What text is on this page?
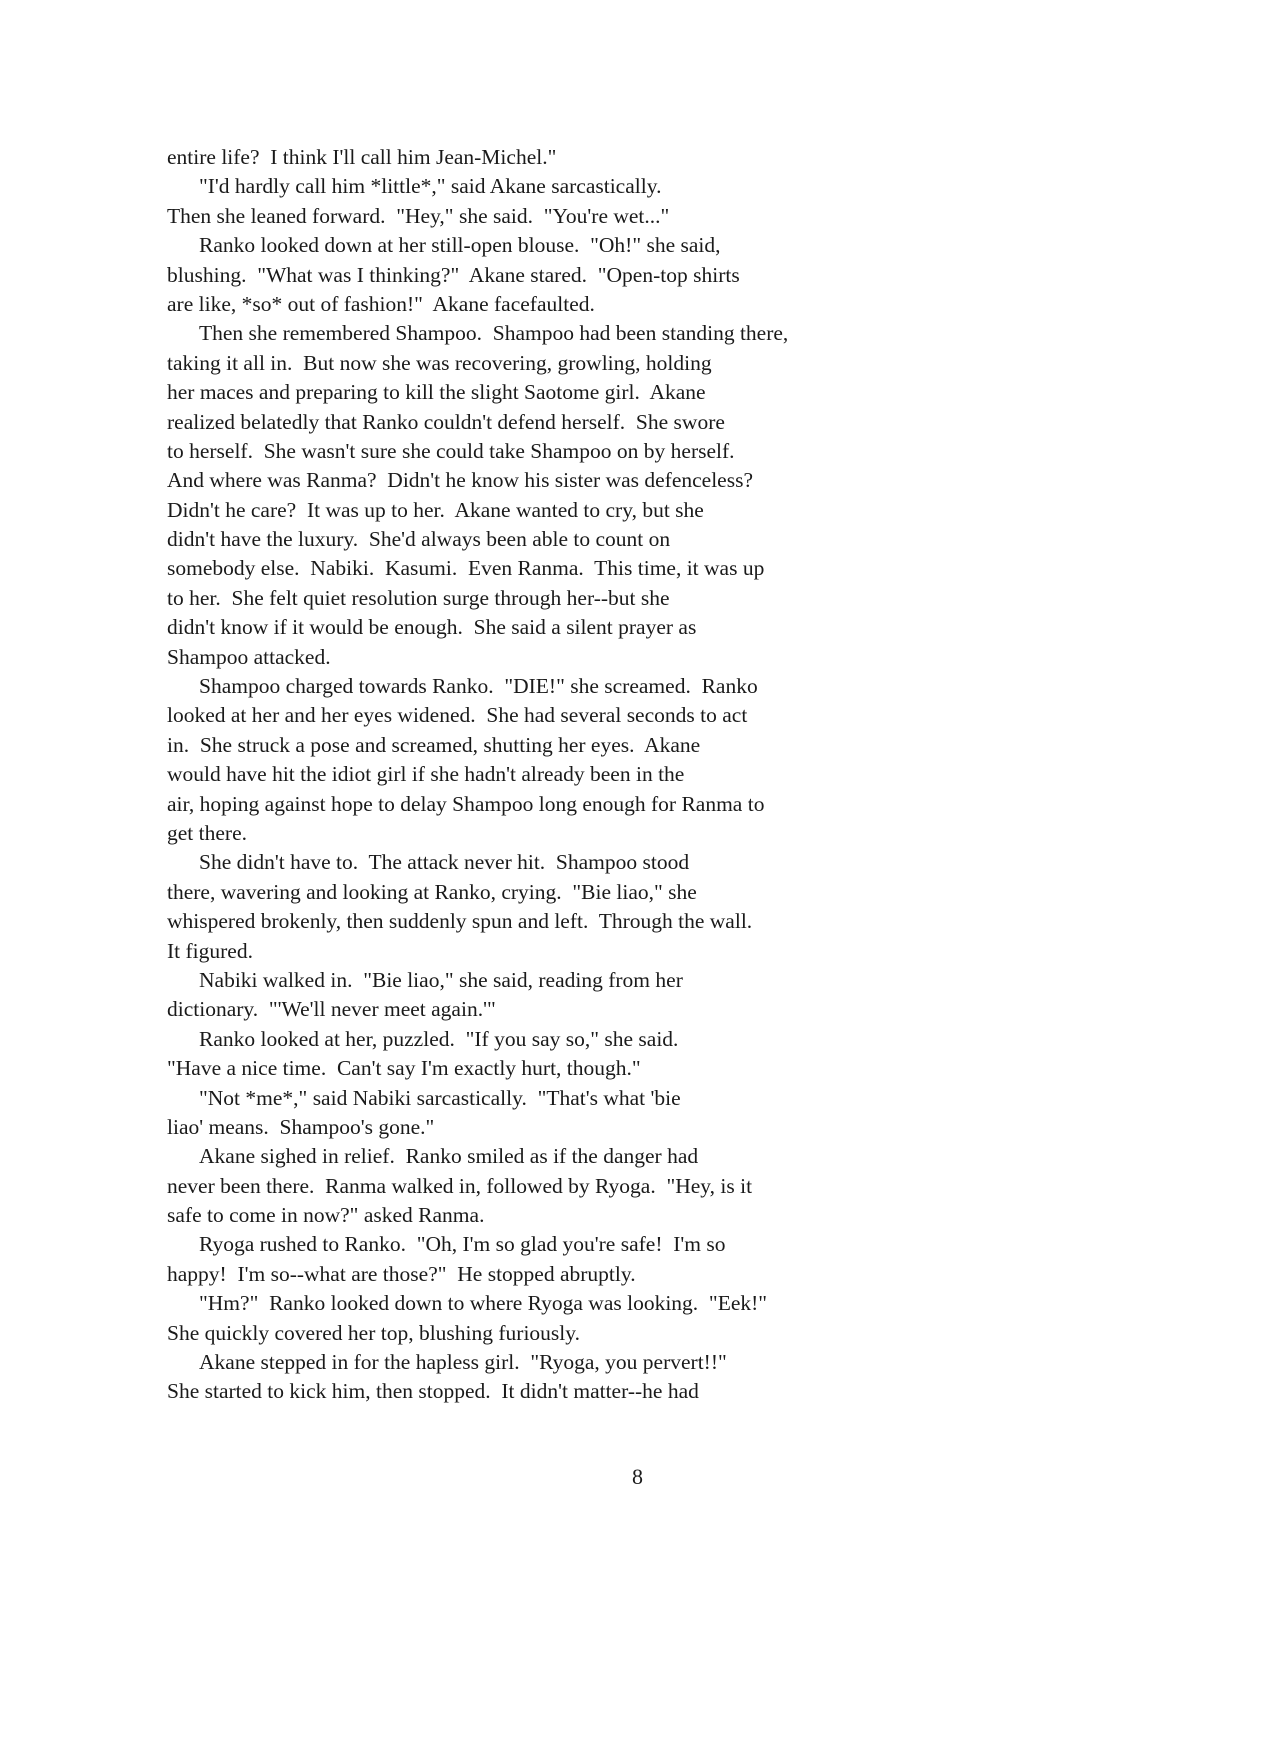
entire life?  I think I'll call him Jean-Michel."
"I'd hardly call him *little*," said Akane sarcastically.
Then she leaned forward.  "Hey," she said.  "You're wet..."
Ranko looked down at her still-open blouse.  "Oh!" she said,
blushing.  "What was I thinking?"  Akane stared.  "Open-top shirts
are like, *so* out of fashion!"  Akane facefaulted.
Then she remembered Shampoo.  Shampoo had been standing there,
taking it all in.  But now she was recovering, growling, holding
her maces and preparing to kill the slight Saotome girl.  Akane
realized belatedly that Ranko couldn't defend herself.  She swore
to herself.  She wasn't sure she could take Shampoo on by herself.
And where was Ranma?  Didn't he know his sister was defenceless?
Didn't he care?  It was up to her.  Akane wanted to cry, but she
didn't have the luxury.  She'd always been able to count on
somebody else.  Nabiki.  Kasumi.  Even Ranma.  This time, it was up
to her.  She felt quiet resolution surge through her--but she
didn't know if it would be enough.  She said a silent prayer as
Shampoo attacked.
Shampoo charged towards Ranko.  "DIE!" she screamed.  Ranko
looked at her and her eyes widened.  She had several seconds to act
in.  She struck a pose and screamed, shutting her eyes.  Akane
would have hit the idiot girl if she hadn't already been in the
air, hoping against hope to delay Shampoo long enough for Ranma to
get there.
She didn't have to.  The attack never hit.  Shampoo stood
there, wavering and looking at Ranko, crying.  "Bie liao," she
whispered brokenly, then suddenly spun and left.  Through the wall.
It figured.
Nabiki walked in.  "Bie liao," she said, reading from her
dictionary.  "'We'll never meet again.'"
Ranko looked at her, puzzled.  "If you say so," she said.
"Have a nice time.  Can't say I'm exactly hurt, though."
"Not *me*," said Nabiki sarcastically.  "That's what 'bie
liao' means.  Shampoo's gone."
Akane sighed in relief.  Ranko smiled as if the danger had
never been there.  Ranma walked in, followed by Ryoga.  "Hey, is it
safe to come in now?" asked Ranma.
Ryoga rushed to Ranko.  "Oh, I'm so glad you're safe!  I'm so
happy!  I'm so--what are those?"  He stopped abruptly.
"Hm?"  Ranko looked down to where Ryoga was looking.  "Eek!"
She quickly covered her top, blushing furiously.
Akane stepped in for the hapless girl.  "Ryoga, you pervert!!"
She started to kick him, then stopped.  It didn't matter--he had
8
